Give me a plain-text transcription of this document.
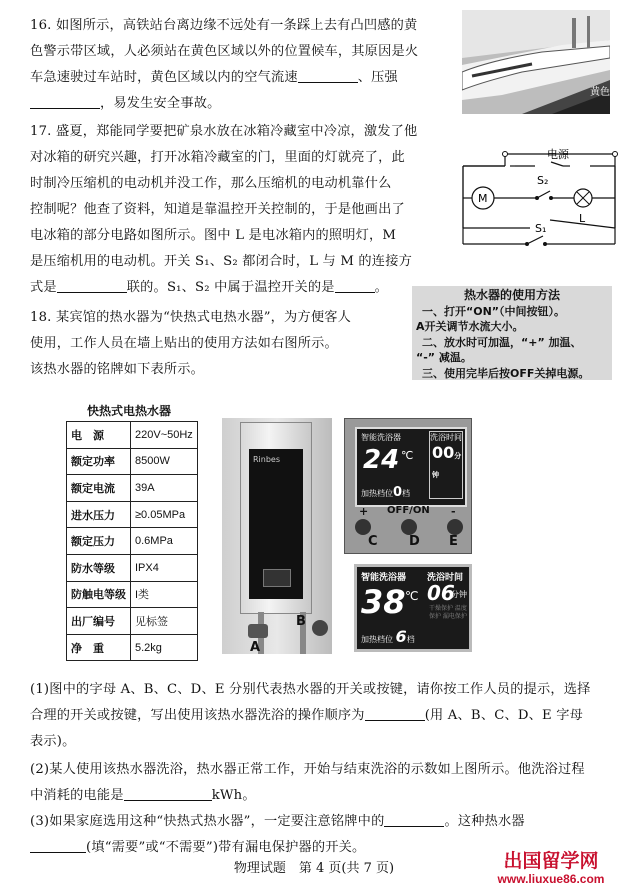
16. 如图所示，高铁站台离边缘不远处有一条踩上去有凸凹感的黄
色警示带区域，人必须站在黄色区域以外的位置候车，其原因是火
车急速驶过车站时，黄色区域以内的空气流速	、压强
，易发生安全事故。
黄色
17. 盛夏，郑能同学要把矿泉水放在冰箱冷藏室中冷凉，激发了他
对冰箱的研究兴趣，打开冰箱冷藏室的门，里面的灯就亮了，此
时制冷压缩机的电动机并没工作，那么压缩机的电动机靠什么
控制呢？他查了资料，知道是靠温控开关控制的，于是他画出了
电冰箱的部分电路如图所示。图中 L 是电冰箱内的照明灯，M
是压缩机用的电动机。开关 S₁、S₂ 都闭合时，L 与 M 的连接方
式是	联的。S₁、S₂ 中属于温控开关的是	。
电源
M
S₂
L
S₁
热水器的使用方法
一、打开“ON”（中间按钮）。
A开关调节水流大小。
二、放水时可加温，“+” 加温、
“-” 减温。
三、使用完毕后按OFF关掉电源。
18. 某宾馆的热水器为“快热式电热水器”，为方便客人
使用，工作人员在墙上贴出的使用方法如右图所示。
该热水器的铭牌如下表所示。
快热式电热水器
电　源	220V~50Hz
额定功率	8500W
额定电流	39A
进水压力	≥0.05MPa
额定压力	0.6MPa
防水等级	IPX4
防触电等级	I类
出厂编号	见标签
净　重	5.2kg
Rinbes
A
B
智能洗浴器	洗浴时间
00分钟
24 ℃
加热档位0档
+ OFF/ON -
C D E
智能洗浴器 洗浴时间
38 ℃ 06
分钟
干燥保护 温度保护 漏电保护
加热档位 6档
(1)图中的字母 A、B、C、D、E 分别代表热水器的开关或按键，请你按工作人员的提示，选择
合理的开关或按键，写出使用该热水器洗浴的操作顺序为	(用 A、B、C、D、E 字母
表示)。
(2)某人使用该热水器洗浴，热水器正常工作，开始与结束洗浴的示数如上图所示。他洗浴过程
中消耗的电能是	kWh。
(3)如果家庭选用这种“快热式热水器”，一定要注意铭牌中的	。这种热水器
(填“需要”或“不需要”)带有漏电保护器的开关。
物理试题　第 4 页(共 7 页)	出国留学网
www.liuxue86.com
